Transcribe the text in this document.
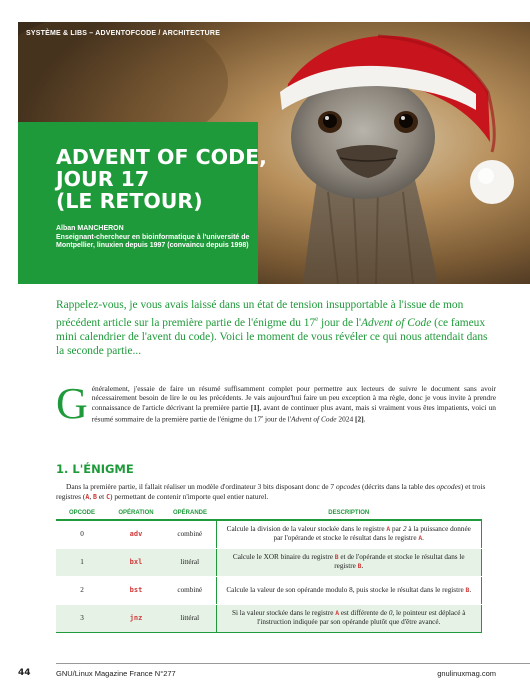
SYSTÈME & LIBS – ADVENTOFCODE / ARCHITECTURE
ADVENT OF CODE,
JOUR 17
(LE RETOUR)
Alban MANCHERON
Enseignant-chercheur en bioinformatique à l'université de Montpellier, linuxien depuis 1997 (convaincu depuis 1998)
Rappelez-vous, je vous avais laissé dans un état de tension insupportable à l'issue de mon précédent article sur la première partie de l'énigme du 17e jour de l'Advent of Code (ce fameux mini calendrier de l'avent du code). Voici le moment de vous révéler ce qui nous attendait dans la seconde partie...
Généralement, j'essaie de faire un résumé suffisamment complet pour permettre aux lecteurs de suivre le document sans avoir nécessairement besoin de lire le ou les précédents. Je vais aujourd'hui faire un peu exception à ma règle, donc je vous invite à prendre connaissance de l'article décrivant la première partie [1], avant de continuer plus avant, mais si vraiment vous êtes impatients, voici un résumé sommaire de la première partie de l'énigme du 17e jour de l'Advent of Code 2024 [2].
1. L'ÉNIGME
Dans la première partie, il fallait réaliser un modèle d'ordinateur 3 bits disposant donc de 7 opcodes (décrits dans la table des opcodes) et trois registres (A, B et C) permettant de contenir n'importe quel entier naturel.
OPCODE	OPÉRATION	OPÉRANDE	DESCRIPTION
0	adv	combiné	Calcule la division de la valeur stockée dans le registre A par 2 à la puissance donnée par l'opérande et stocke le résultat dans le registre A.
1	bxl	littéral	Calcule le XOR binaire du registre B et de l'opérande et stocke le résultat dans le registre B.
2	bst	combiné	Calcule la valeur de son opérande modulo 8, puis stocke le résultat dans le registre B.
3	jnz	littéral	Si la valeur stockée dans le registre A est différente de 0, le pointeur est déplacé à l'instruction indiquée par son opérande plutôt que d'être avancé.
44	GNU/Linux Magazine France N°277	gnulinuxmag.com
